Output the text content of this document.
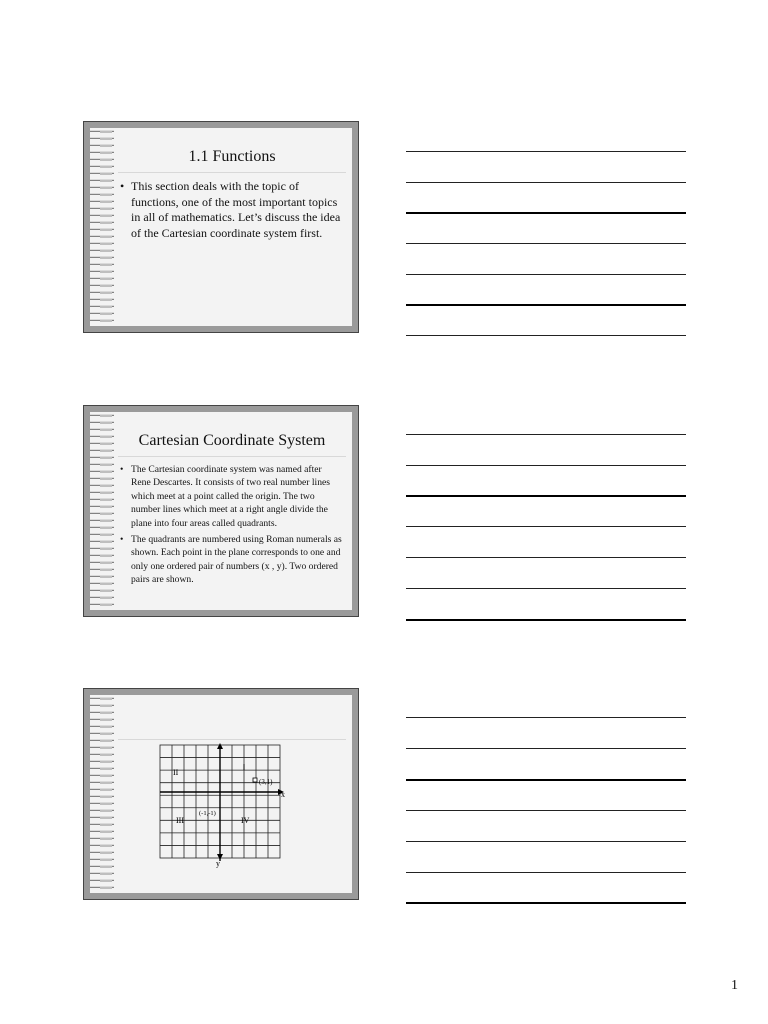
1.1 Functions
• This section deals with the topic of functions, one of the most important topics in all of mathematics. Let’s discuss the idea of the Cartesian coordinate system first.
Cartesian Coordinate System
• The Cartesian coordinate system was named after Rene Descartes. It consists of two real number lines which meet at a point called the origin. The two number lines which meet at a right angle divide the plane into four areas called quadrants.
• The quadrants are numbered using Roman numerals as shown. Each point in the plane corresponds to one and only one ordered pair of numbers (x , y). Two ordered pairs are shown.
x
y
II
III	IV
(3,1)
(-1,-1)
1
